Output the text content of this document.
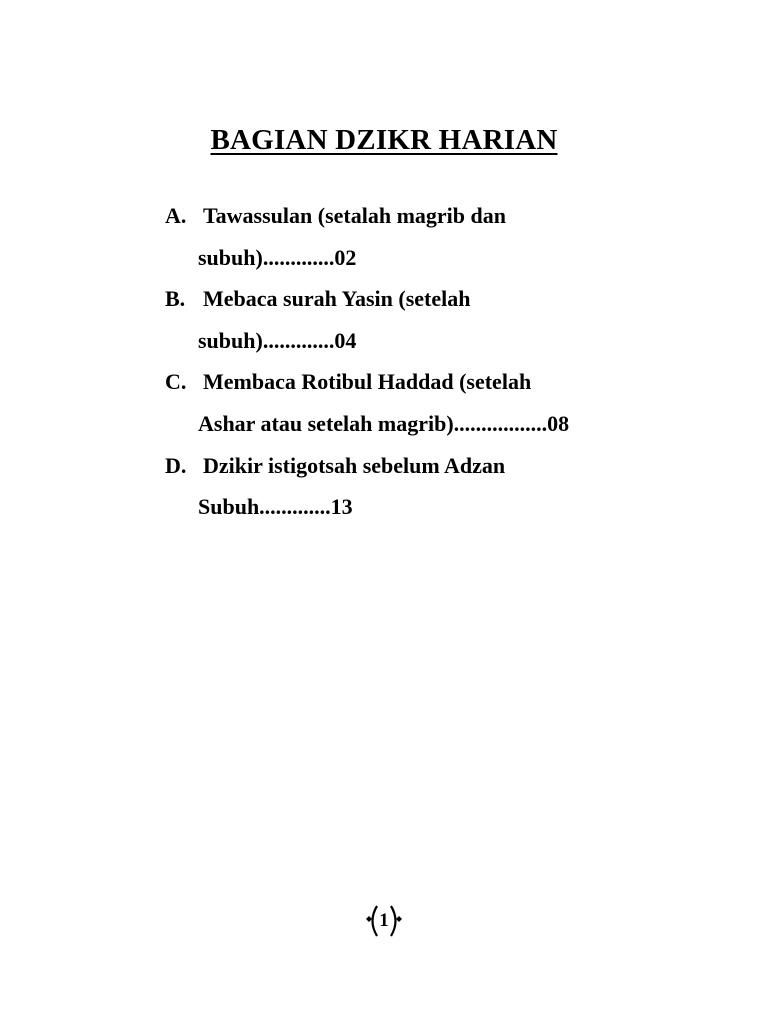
BAGIAN DZIKR HARIAN
A. Tawassulan (setalah magrib dan
subuh).............02
B. Mebaca surah Yasin (setelah
subuh).............04
C. Membaca Rotibul Haddad (setelah
Ashar atau setelah magrib).................08
D. Dzikir istigotsah sebelum Adzan
Subuh.............13
1
